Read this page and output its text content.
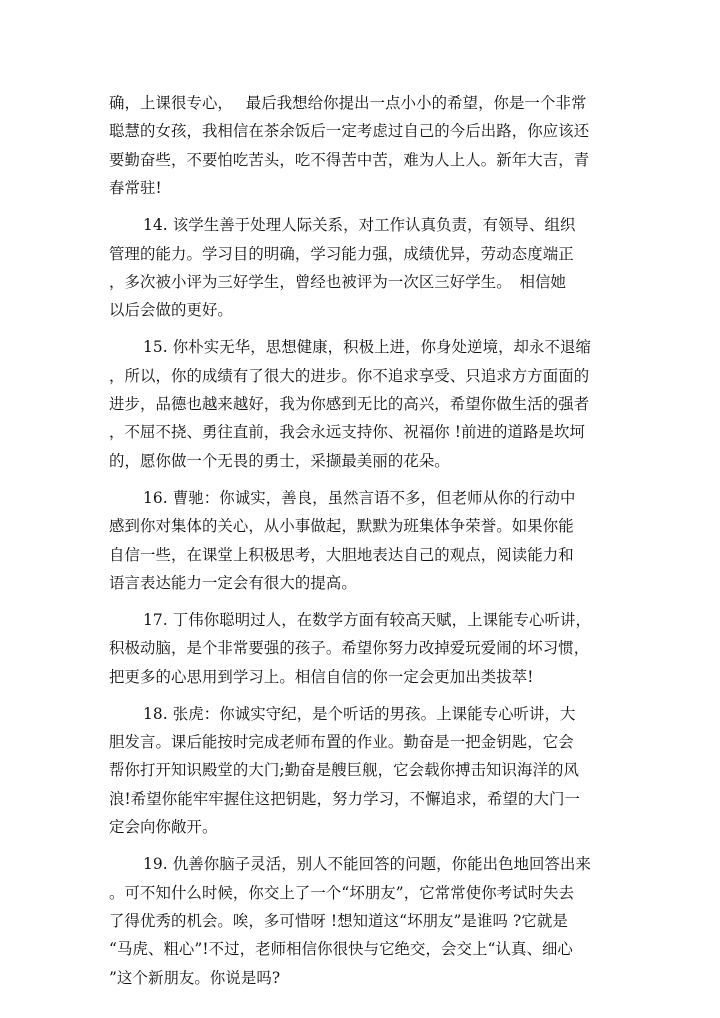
确，上课很专心，　 最后我想给你提出一点小小的希望，你是一个非常
聪慧的女孩，我相信在茶余饭后一定考虑过自己的今后出路，你应该还
要勤奋些，不要怕吃苦头，吃不得苦中苦，难为人上人。新年大吉，青
春常驻!

14. 该学生善于处理人际关系，对工作认真负责，有领导、组织
管理的能力。学习目的明确，学习能力强，成绩优异，劳动态度端正
，多次被小评为三好学生，曾经也被评为一次区三好学生。　相信她
以后会做的更好。

15. 你朴实无华，思想健康，积极上进，你身处逆境，却永不退缩
，所以，你的成绩有了很大的进步。你不追求享受、只追求方方面面的
进步，品德也越来越好，我为你感到无比的高兴，希望你做生活的强者
，不屈不挠、勇往直前，我会永远支持你、祝福你 !前进的道路是坎坷
的，愿你做一个无畏的勇士，采撷最美丽的花朵。

16. 曹驰：你诚实，善良，虽然言语不多，但老师从你的行动中
感到你对集体的关心，从小事做起，默默为班集体争荣誉。如果你能
自信一些，在课堂上积极思考，大胆地表达自己的观点，阅读能力和
语言表达能力一定会有很大的提高。

17. 丁伟你聪明过人，在数学方面有较高天赋，上课能专心听讲，
积极动脑，是个非常要强的孩子。希望你努力改掉爱玩爱闹的坏习惯，
把更多的心思用到学习上。相信自信的你一定会更加出类拔萃!

18. 张虎：你诚实守纪，是个听话的男孩。上课能专心听讲，大
胆发言。课后能按时完成老师布置的作业。勤奋是一把金钥匙，它会
帮你打开知识殿堂的大门;勤奋是艘巨舰，它会载你搏击知识海洋的风
浪!希望你能牢牢握住这把钥匙，努力学习，不懈追求，希望的大门一
定会向你敞开。

19. 仇善你脑子灵活，别人不能回答的问题，你能出色地回答出来
。可不知什么时候，你交上了一个“坏朋友”，它常常使你考试时失去
了得优秀的机会。唉，多可惜呀 !想知道这“坏朋友”是谁吗 ?它就是
“马虎、粗心”!不过，老师相信你很快与它绝交，会交上“认真、细心
”这个新朋友。你说是吗?
